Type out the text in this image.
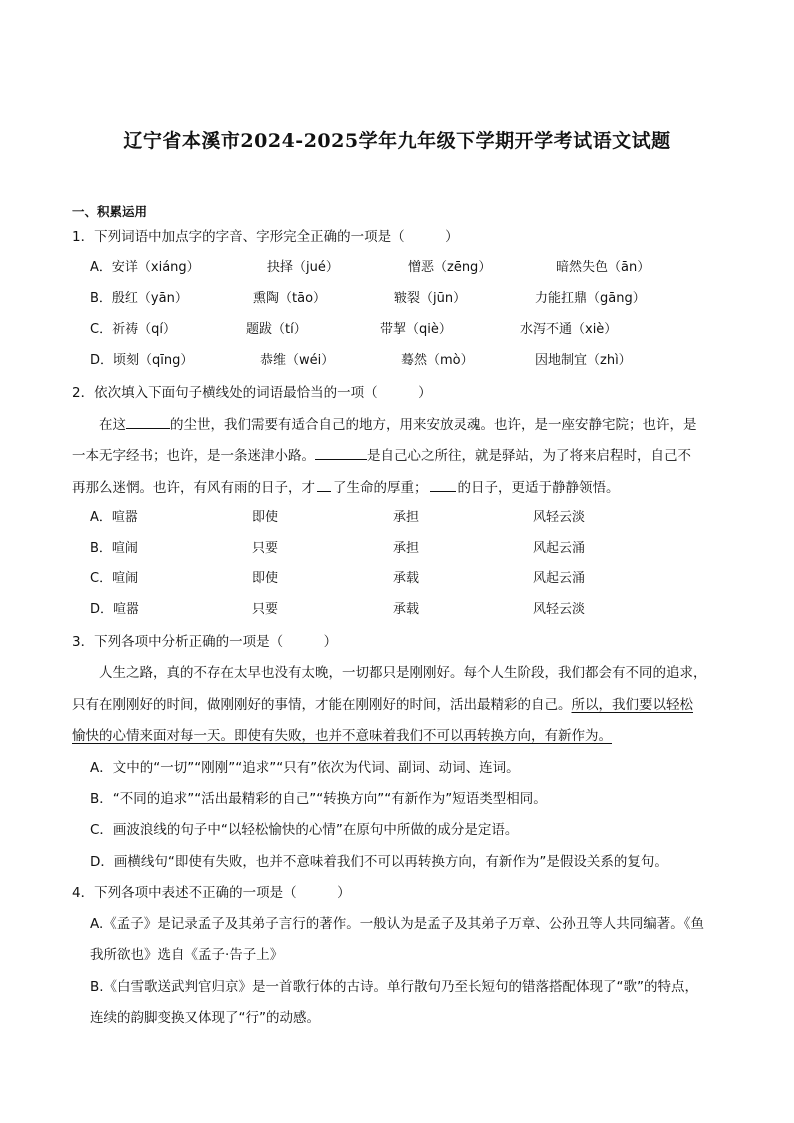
辽宁省本溪市2024-2025学年九年级下学期开学考试语文试题
一、积累运用
1．下列词语中加点字的字音、字形完全正确的一项是（　　　）
A．安详（xiáng）	抉择（jué）	憎恶（zēng）	暗然失色（ān）
B．殷红（yān）	熏陶（tāo）	皲裂（jūn）	力能扛鼎（gāng）
C．祈祷（qí）	题跋（tí）	带挈（qiè）	水泻不通（xiè）
D．顷刻（qīng）	恭维（wéi）	蓦然（mò）	因地制宜（zhì）
2．依次填入下面句子横线处的词语最恰当的一项（　　　）
在这	的尘世，我们需要有适合自己的地方，用来安放灵魂。也许，是一座安静宅院；也许，是
一本无字经书；也许，是一条迷津小路。	是自己心之所往，就是驿站，为了将来启程时，自己不
再那么迷惘。也许，有风有雨的日子，才 了生命的厚重； 的日子，更适于静静领悟。
A．喧嚣	即使	承担	风轻云淡
B．喧闹	只要	承担	风起云涌
C．喧闹	即使	承载	风起云涌
D．喧嚣	只要	承载	风轻云淡
3．下列各项中分析正确的一项是（　　　）
人生之路，真的不存在太早也没有太晚，一切都只是刚刚好。每个人生阶段，我们都会有不同的追求，
只有在刚刚好的时间，做刚刚好的事情，才能在刚刚好的时间，活出最精彩的自己。所以，我们要以轻松
愉快的心情来面对每一天。即使有失败，也并不意味着我们不可以再转换方向，有新作为。
A．文中的“一切”“刚刚”“追求”“只有”依次为代词、副词、动词、连词。
B．“不同的追求”“活出最精彩的自己”“转换方向”“有新作为”短语类型相同。
C．画波浪线的句子中“以轻松愉快的心情”在原句中所做的成分是定语。
D．画横线句“即使有失败，也并不意味着我们不可以再转换方向，有新作为”是假设关系的复句。
4．下列各项中表述不正确的一项是（　　　）
A.《孟子》是记录孟子及其弟子言行的著作。一般认为是孟子及其弟子万章、公孙丑等人共同编著。《鱼
我所欲也》选自《孟子·告子上》
B.《白雪歌送武判官归京》是一首歌行体的古诗。单行散句乃至长短句的错落搭配体现了“歌”的特点，
连续的韵脚变换又体现了“行”的动感。
